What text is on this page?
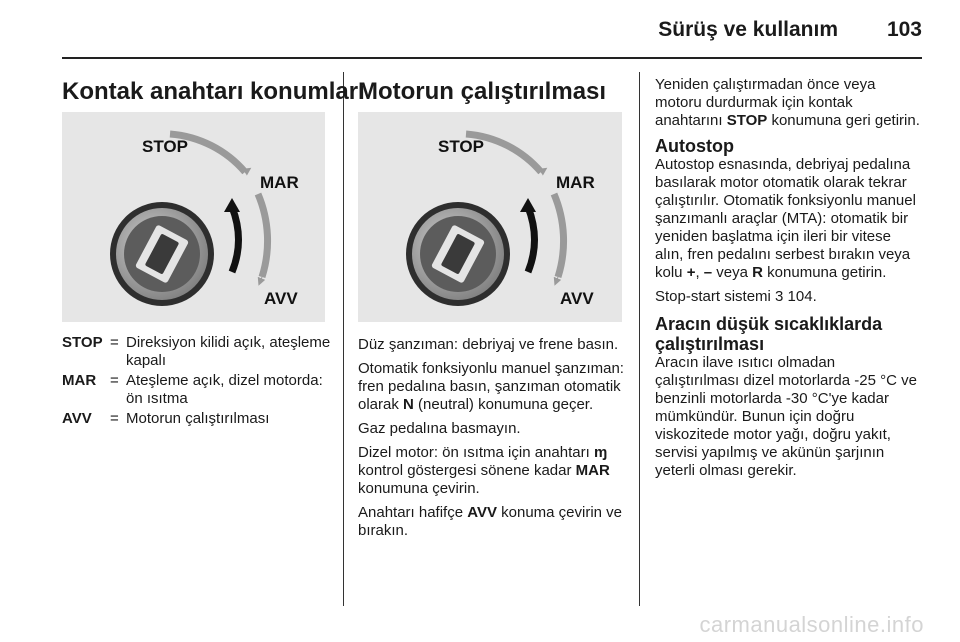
Sürüş ve kullanım 103
Kontak anahtarı konumları
STOP
MAR
AVV
STOP = Direksiyon kilidi açık, ateşleme kapalı
MAR = Ateşleme açık, dizel motorda: ön ısıtma
AVV	= Motorun çalıştırılması
Motorun çalıştırılması
STOP
MAR
AVV

Düz şanzıman: debriyaj ve frene basın.

Otomatik fonksiyonlu manuel şanzıman: fren pedalına basın, şanzıman otomatik olarak N (neutral) konumuna geçer.

Gaz pedalına basmayın.

Dizel motor: ön ısıtma için anahtarı ɱ kontrol göstergesi sönene kadar MAR konumuna çevirin.

Anahtarı hafifçe AVV konuma çevirin ve bırakın.

Yeniden çalıştırmadan önce veya motoru durdurmak için kontak anahtarını STOP konumuna geri getirin.

Autostop

Autostop esnasında, debriyaj pedalına basılarak motor otomatik olarak tekrar çalıştırılır. Otomatik fonksiyonlu manuel şanzımanlı araçlar (MTA): otomatik bir yeniden başlatma için ileri bir vitese alın, fren pedalını serbest bırakın veya kolu +, – veya R konumuna getirin.

Stop-start sistemi 3 104.

Aracın düşük sıcaklıklarda çalıştırılması

Aracın ilave ısıtıcı olmadan çalıştırılması dizel motorlarda -25 °C ve benzinli motorlarda -30 °C'ye kadar mümkündür. Bunun için doğru viskozitede motor yağı, doğru yakıt, servisi yapılmış ve akünün şarjının yeterli olması gerekir.

carmanualsonline.info
